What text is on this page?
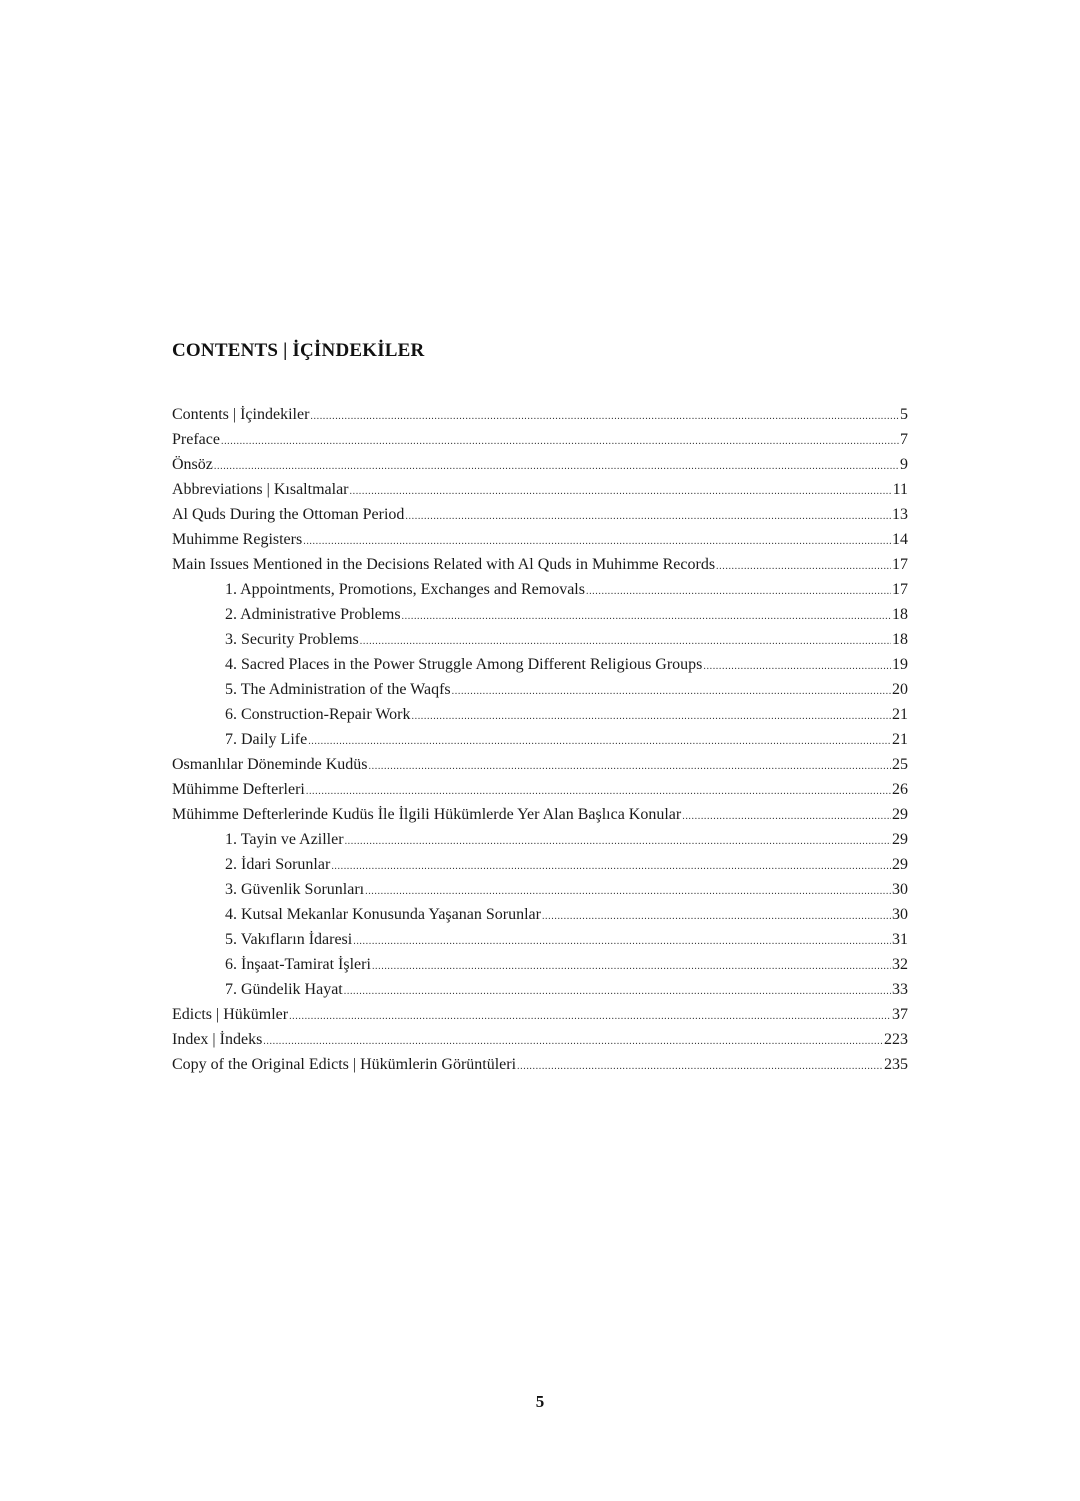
CONTENTS | İÇİNDEKİLER
Contents | İçindekiler .....	5
Preface .....	7
Önsöz .....	9
Abbreviations | Kısaltmalar .....	11
Al Quds During the Ottoman Period .....	13
Muhimme Registers .....	14
Main Issues Mentioned in the Decisions Related with Al Quds in Muhimme Records .....	17
1. Appointments, Promotions, Exchanges and Removals .....	17
2. Administrative Problems .....	18
3. Security Problems .....	18
4. Sacred Places in the Power Struggle Among Different Religious Groups .....	19
5. The Administration of the Waqfs .....	20
6. Construction-Repair Work .....	21
7. Daily Life .....	21
Osmanlılar Döneminde Kudüs .....	25
Mühimme Defterleri .....	26
Mühimme Defterlerinde Kudüs İle İlgili Hükümlerde Yer Alan Başlıca Konular .....	29
1. Tayin ve Aziller .....	29
2. İdari Sorunlar .....	29
3. Güvenlik Sorunları .....	30
4. Kutsal Mekanlar Konusunda Yaşanan Sorunlar .....	30
5. Vakıfların İdaresi .....	31
6. İnşaat-Tamirat İşleri .....	32
7. Gündelik Hayat .....	33
Edicts | Hükümler .....	37
Index | İndeks .....	223
Copy of the Original Edicts | Hükümlerin Görüntüleri .....	235
5
